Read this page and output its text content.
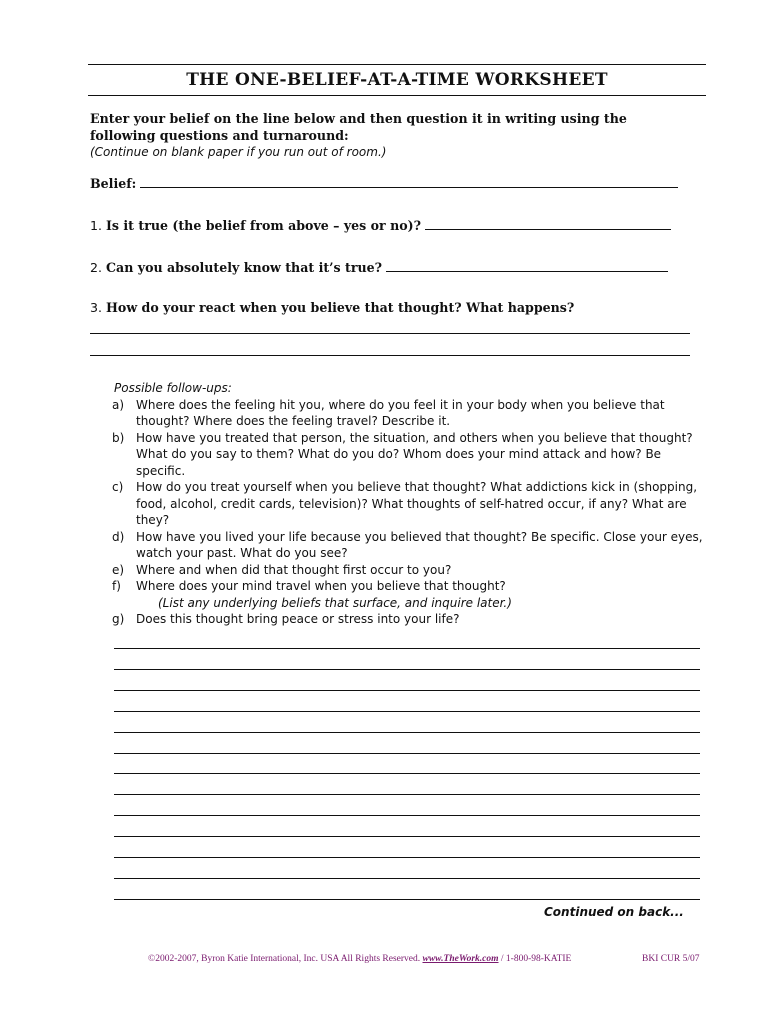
THE ONE-BELIEF-AT-A-TIME WORKSHEET
Enter your belief on the line below and then question it in writing using the following questions and turnaround:
(Continue on blank paper if you run out of room.)
Belief:
1. Is it true (the belief from above – yes or no)?
2. Can you absolutely know that it’s true?
3. How do your react when you believe that thought? What happens?
Possible follow-ups:
a) Where does the feeling hit you, where do you feel it in your body when you believe that thought? Where does the feeling travel? Describe it.
b) How have you treated that person, the situation, and others when you believe that thought? What do you say to them? What do you do? Whom does your mind attack and how? Be specific.
c)	How do you treat yourself when you believe that thought? What addictions kick in (shopping, food, alcohol, credit cards, television)? What thoughts of self-hatred occur, if any? What are they?
d) How have you lived your life because you believed that thought? Be specific. Close your eyes, watch your past. What do you see?
e) Where and when did that thought first occur to you?
f)	Where does your mind travel when you believe that thought?
(List any underlying beliefs that surface, and inquire later.)
g) Does this thought bring peace or stress into your life?
Continued on back...
©2002-2007, Byron Katie International, Inc. USA All Rights Reserved. www.TheWork.com / 1-800-98-KATIE	BKI CUR 5/07
